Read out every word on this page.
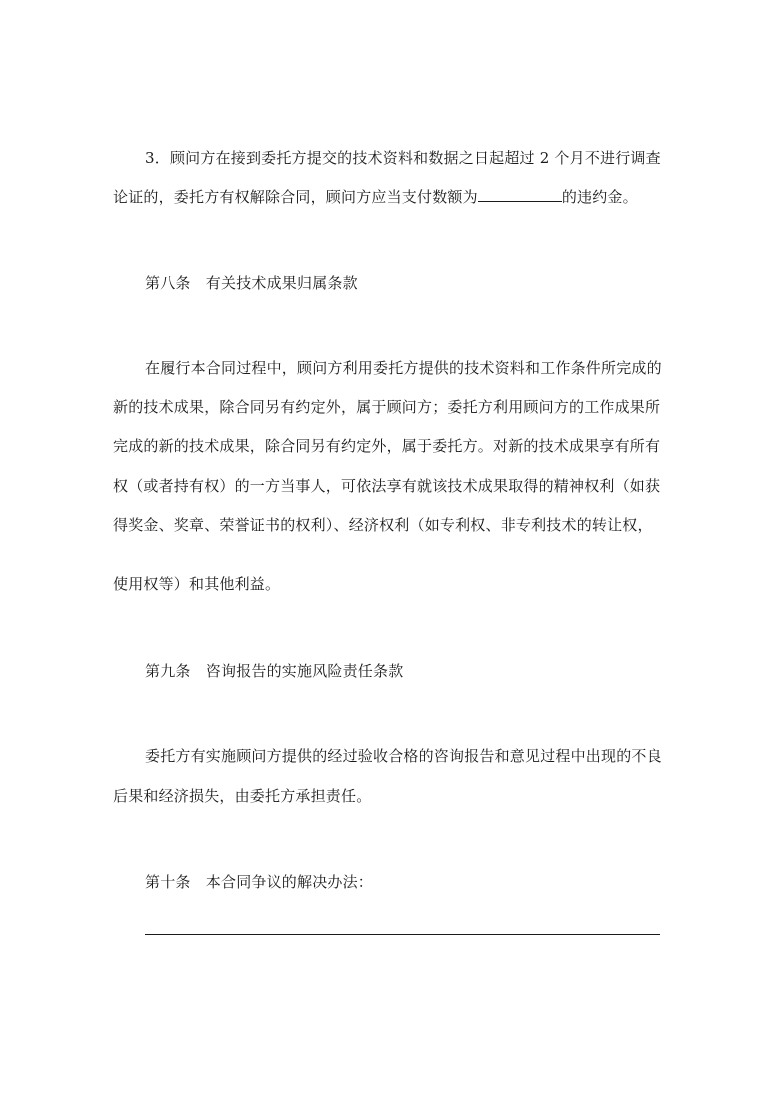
3．顾问方在接到委托方提交的技术资料和数据之日起超过 2 个月不进行调查
论证的，委托方有权解除合同，顾问方应当支付数额为	的违约金。
第八条　有关技术成果归属条款
在履行本合同过程中，顾问方利用委托方提供的技术资料和工作条件所完成的
新的技术成果，除合同另有约定外，属于顾问方；委托方利用顾问方的工作成果所
完成的新的技术成果，除合同另有约定外，属于委托方。对新的技术成果享有所有
权（或者持有权）的一方当事人，可依法享有就该技术成果取得的精神权利（如获
得奖金、奖章、荣誉证书的权利）、经济权利（如专利权、非专利技术的转让权，
使用权等）和其他利益。
第九条　咨询报告的实施风险责任条款
委托方有实施顾问方提供的经过验收合格的咨询报告和意见过程中出现的不良
后果和经济损失，由委托方承担责任。
第十条　本合同争议的解决办法：
